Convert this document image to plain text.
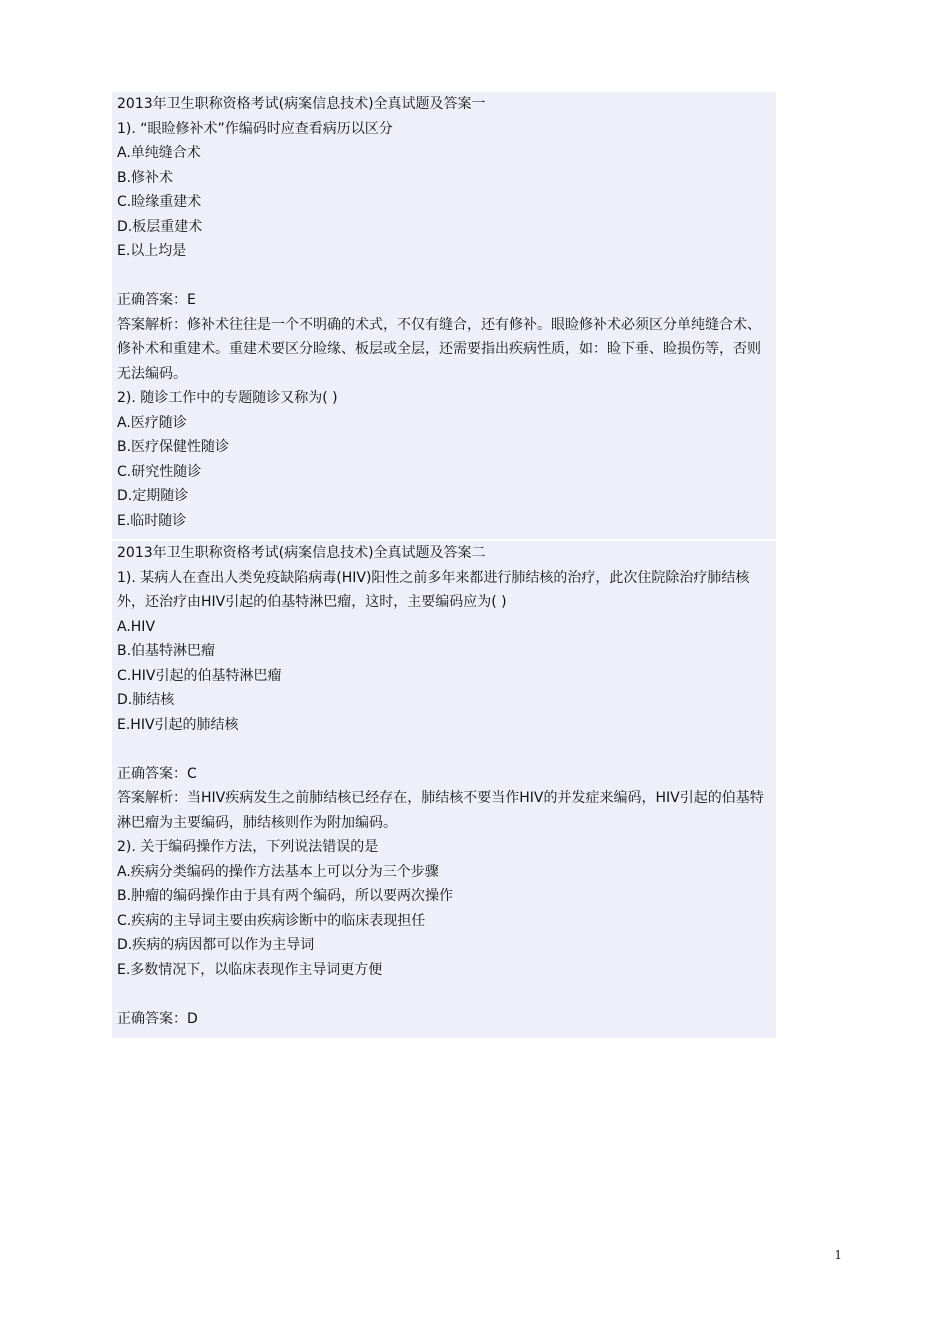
2013年卫生职称资格考试(病案信息技术)全真试题及答案一
1). “眼睑修补术”作编码时应查看病历以区分
A.单纯缝合术
B.修补术
C.睑缘重建术
D.板层重建术
E.以上均是
正确答案：E
答案解析：修补术往往是一个不明确的术式，不仅有缝合，还有修补。眼睑修补术必须区分单纯缝合术、修补术和重建术。重建术要区分睑缘、板层或全层，还需要指出疾病性质，如：睑下垂、睑损伤等，否则无法编码。
2). 随诊工作中的专题随诊又称为( )
A.医疗随诊
B.医疗保健性随诊
C.研究性随诊
D.定期随诊
E.临时随诊
2013年卫生职称资格考试(病案信息技术)全真试题及答案二
1). 某病人在查出人类免疫缺陷病毒(HIV)阳性之前多年来都进行肺结核的治疗，此次住院除治疗肺结核外，还治疗由HIV引起的伯基特淋巴瘤，这时，主要编码应为( )
A.HIV
B.伯基特淋巴瘤
C.HIV引起的伯基特淋巴瘤
D.肺结核
E.HIV引起的肺结核
正确答案：C
答案解析：当HIV疾病发生之前肺结核已经存在，肺结核不要当作HIV的并发症来编码，HIV引起的伯基特淋巴瘤为主要编码，肺结核则作为附加编码。
2). 关于编码操作方法，下列说法错误的是
A.疾病分类编码的操作方法基本上可以分为三个步骤
B.肿瘤的编码操作由于具有两个编码，所以要两次操作
C.疾病的主导词主要由疾病诊断中的临床表现担任
D.疾病的病因都可以作为主导词
E.多数情况下，以临床表现作主导词更方便
正确答案：D
1
